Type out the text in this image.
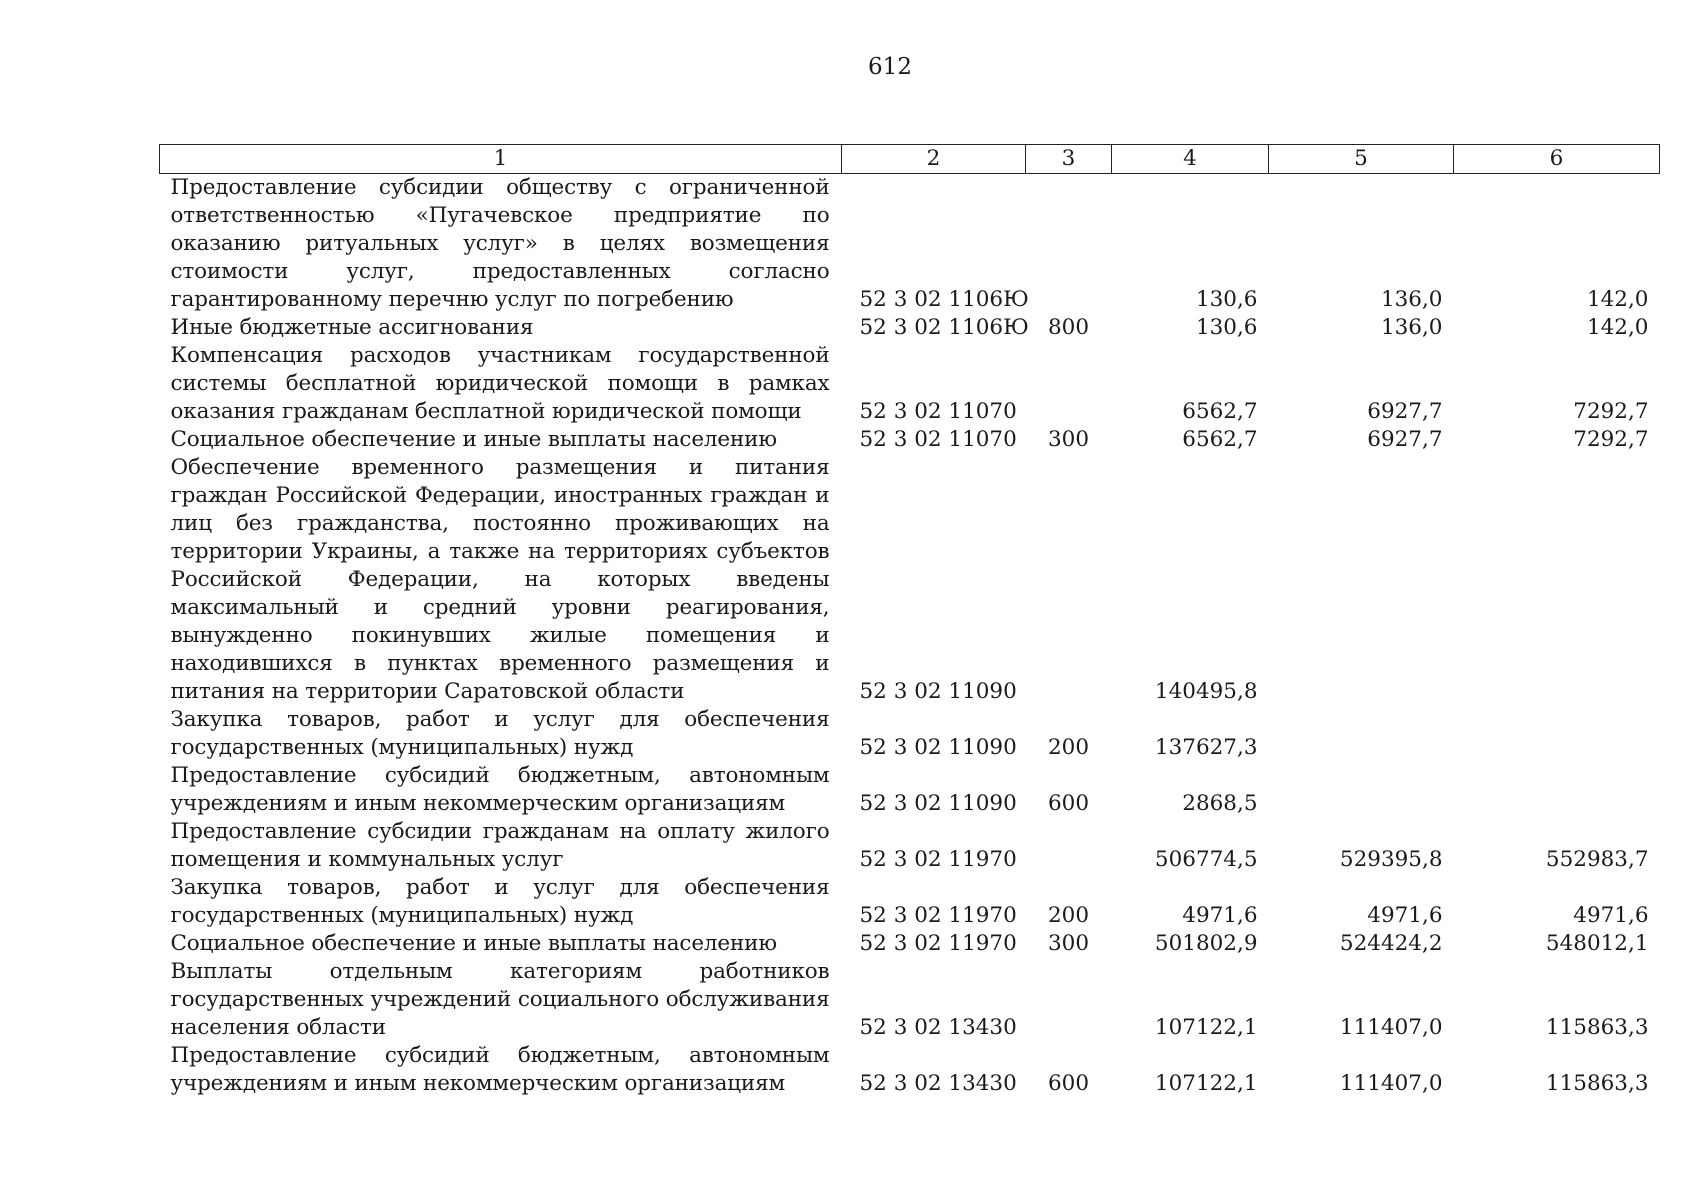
612
1	2	3	4	5	6
Предоставление субсидии обществу с ограниченной ответственностью «Пугачевское предприятие по оказанию ритуальных услуг» в целях возмещения стоимости услуг, предоставленных согласно гарантированному перечню услуг по погребению	52 3 02 1106Ю		130,6	136,0	142,0
Иные бюджетные ассигнования	52 3 02 1106Ю	800	130,6	136,0	142,0
Компенсация расходов участникам государственной системы бесплатной юридической помощи в рамках оказания гражданам бесплатной юридической помощи	52 3 02 11070		6562,7	6927,7	7292,7
Социальное обеспечение и иные выплаты населению	52 3 02 11070	300	6562,7	6927,7	7292,7
Обеспечение временного размещения и питания граждан Российской Федерации, иностранных граждан и лиц без гражданства, постоянно проживающих на территории Украины, а также на территориях субъектов Российской Федерации, на которых введены максимальный и средний уровни реагирования, вынужденно покинувших жилые помещения и находившихся в пунктах временного размещения и питания на территории Саратовской области	52 3 02 11090		140495,8		
Закупка товаров, работ и услуг для обеспечения государственных (муниципальных) нужд	52 3 02 11090	200	137627,3		
Предоставление субсидий бюджетным, автономным учреждениям и иным некоммерческим организациям	52 3 02 11090	600	2868,5		
Предоставление субсидии гражданам на оплату жилого помещения и коммунальных услуг	52 3 02 11970		506774,5	529395,8	552983,7
Закупка товаров, работ и услуг для обеспечения государственных (муниципальных) нужд	52 3 02 11970	200	4971,6	4971,6	4971,6
Социальное обеспечение и иные выплаты населению	52 3 02 11970	300	501802,9	524424,2	548012,1
Выплаты отдельным категориям работников государственных учреждений социального обслуживания населения области	52 3 02 13430		107122,1	111407,0	115863,3
Предоставление субсидий бюджетным, автономным учреждениям и иным некоммерческим организациям	52 3 02 13430	600	107122,1	111407,0	115863,3
